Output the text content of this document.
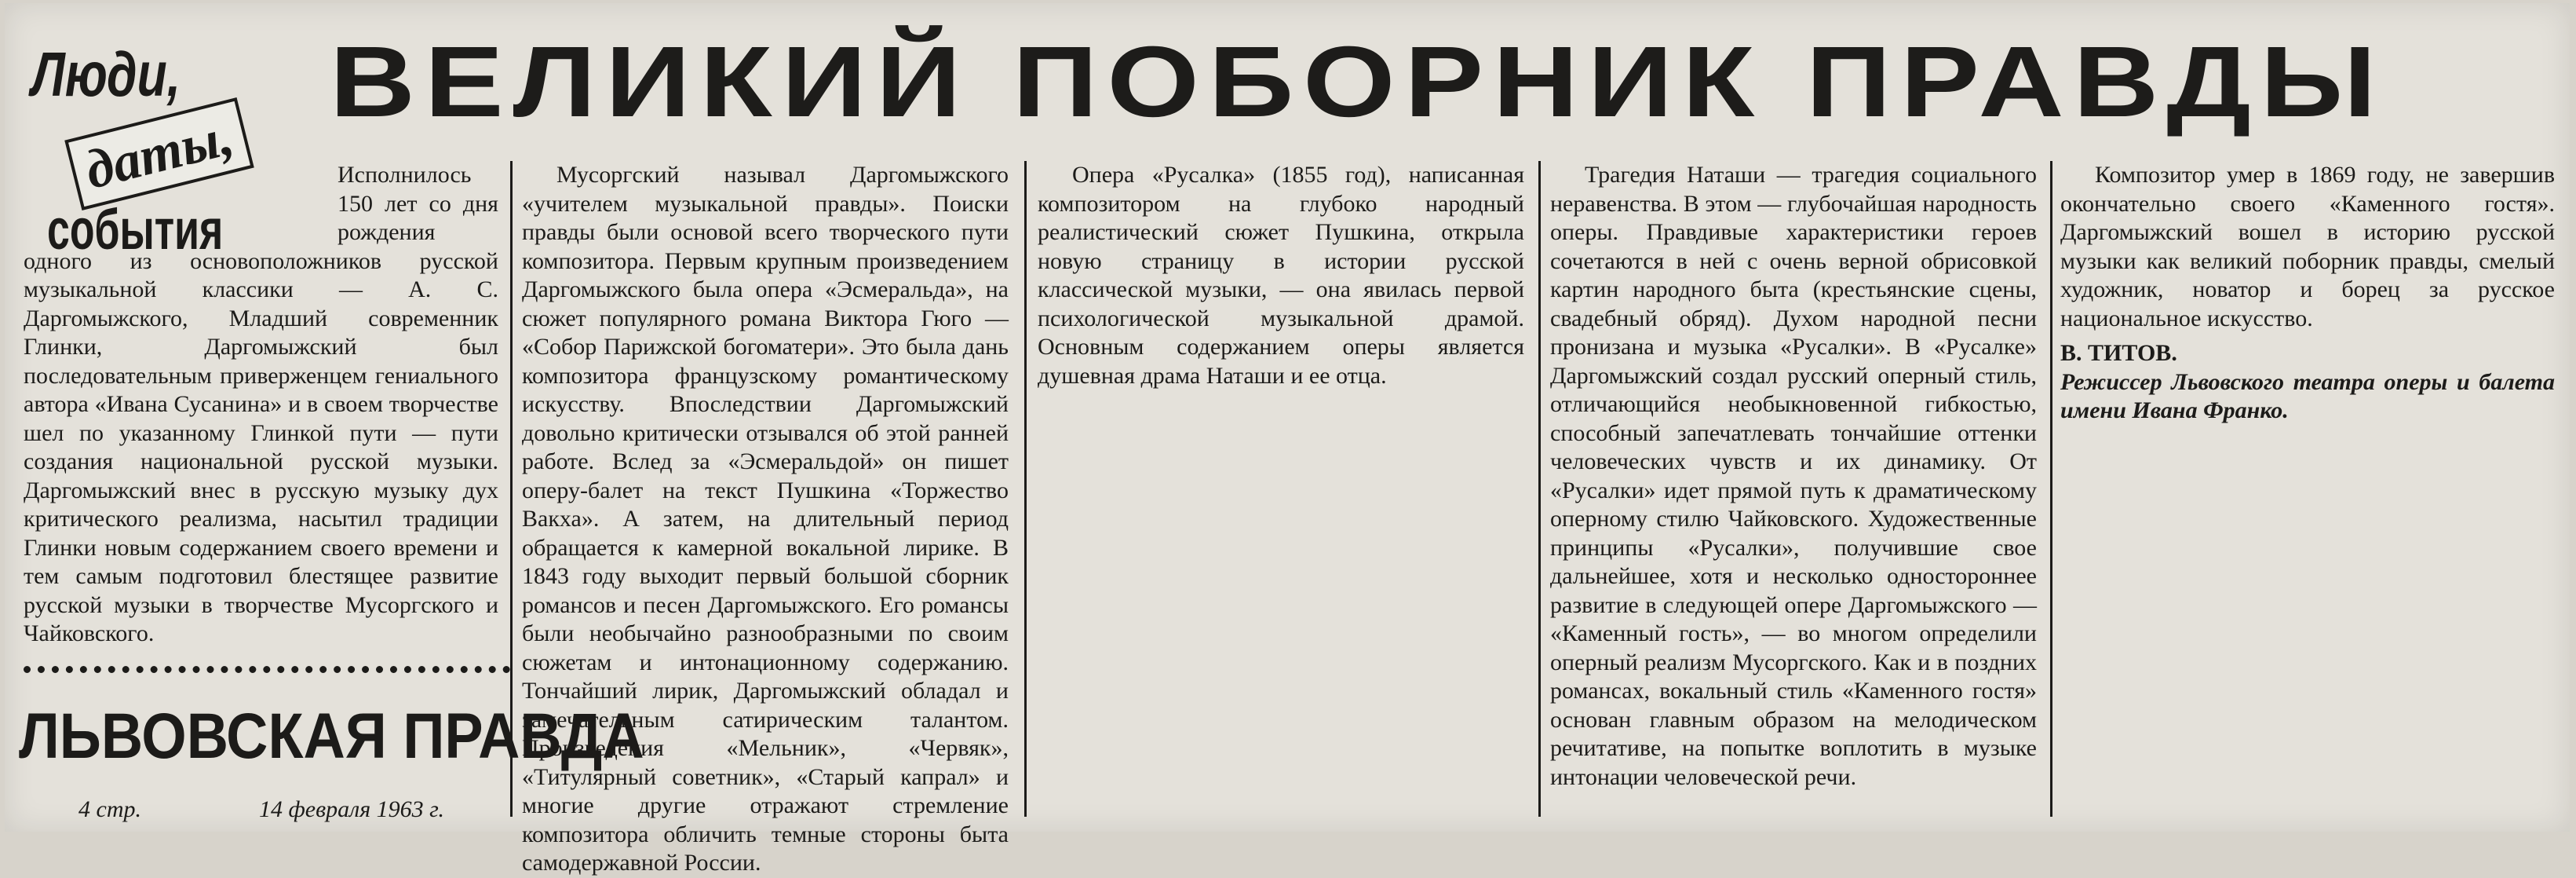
Люди,
даты,
события
ВЕЛИКИЙ ПОБОРНИК ПРАВДЫ

Исполнилось 150 лет со дня рождения
одного из основоположников русской музыкальной классики — А. С. Даргомыжского, Младший современник Глинки, Даргомыжский был последовательным приверженцем гениального автора «Ивана Сусанина» и в своем творчестве шел по указанному Глинкой пути — пути создания национальной русской музыки. Даргомыжский внес в русскую музыку дух критического реализма, насытил традиции Глинки новым содержанием своего времени и тем самым подготовил блестящее развитие русской музыки в творчестве Мусоргского и Чайковского.

ЛЬВОВСКАЯ ПРАВДА
4 стр.	14 февраля 1963 г.

Мусоргский называл Даргомыжского «учителем музыкальной правды». Поиски правды были основой всего творческого пути композитора. Первым крупным произведением Даргомыжского была опера «Эсмеральда», на сюжет популярного романа Виктора Гюго — «Собор Парижской богоматери». Это была дань композитора французскому романтическому искусству. Впоследствии Даргомыжский довольно критически отзывался об этой ранней работе. Вслед за «Эсмеральдой» он пишет оперу-балет на текст Пушкина «Торжество Вакха». А затем, на длительный период обращается к камерной вокальной лирике. В 1843 году выходит первый большой сборник романсов и песен Даргомыжского. Его романсы были необычайно разнообразными по своим сюжетам и интонационному содержанию. Тончайший лирик, Даргомыжский обладал и замечательным сатирическим талантом. Произведения «Мельник», «Червяк», «Титулярный советник», «Старый капрал» и многие другие отражают стремление композитора обличить темные стороны быта самодержавной России.

Опера «Русалка» (1855 год), написанная композитором на глубоко народный реалистический сюжет Пушкина, открыла новую страницу в истории русской классической музыки, — она явилась первой психологической музыкальной драмой. Основным содержанием оперы является душевная драма Наташи и ее отца.

Трагедия Наташи — трагедия социального неравенства. В этом — глубочайшая народность оперы. Правдивые характеристики героев сочетаются в ней с очень верной обрисовкой картин народного быта (крестьянские сцены, свадебный обряд). Духом народной песни пронизана и музыка «Русалки». В «Русалке» Даргомыжский создал русский оперный стиль, отличающийся необыкновенной гибкостью, способный запечатлевать тончайшие оттенки человеческих чувств и их динамику. От «Русалки» идет прямой путь к драматическому оперному стилю Чайковского. Художественные принципы «Русалки», получившие свое дальнейшее, хотя и несколько одностороннее развитие в следующей опере Даргомыжского — «Каменный гость», — во многом определили оперный реализм Мусоргского. Как и в поздних романсах, вокальный стиль «Каменного гостя» основан главным образом на мелодическом речитативе, на попытке воплотить в музыке интонации человеческой речи.

Композитор умер в 1869 году, не завершив окончательно своего «Каменного гостя». Даргомыжский вошел в историю русской музыки как великий поборник правды, смелый художник, новатор и борец за русское национальное искусство.

В. ТИТОВ.

Режиссер Львовского театра оперы и балета имени Ивана Франко.
